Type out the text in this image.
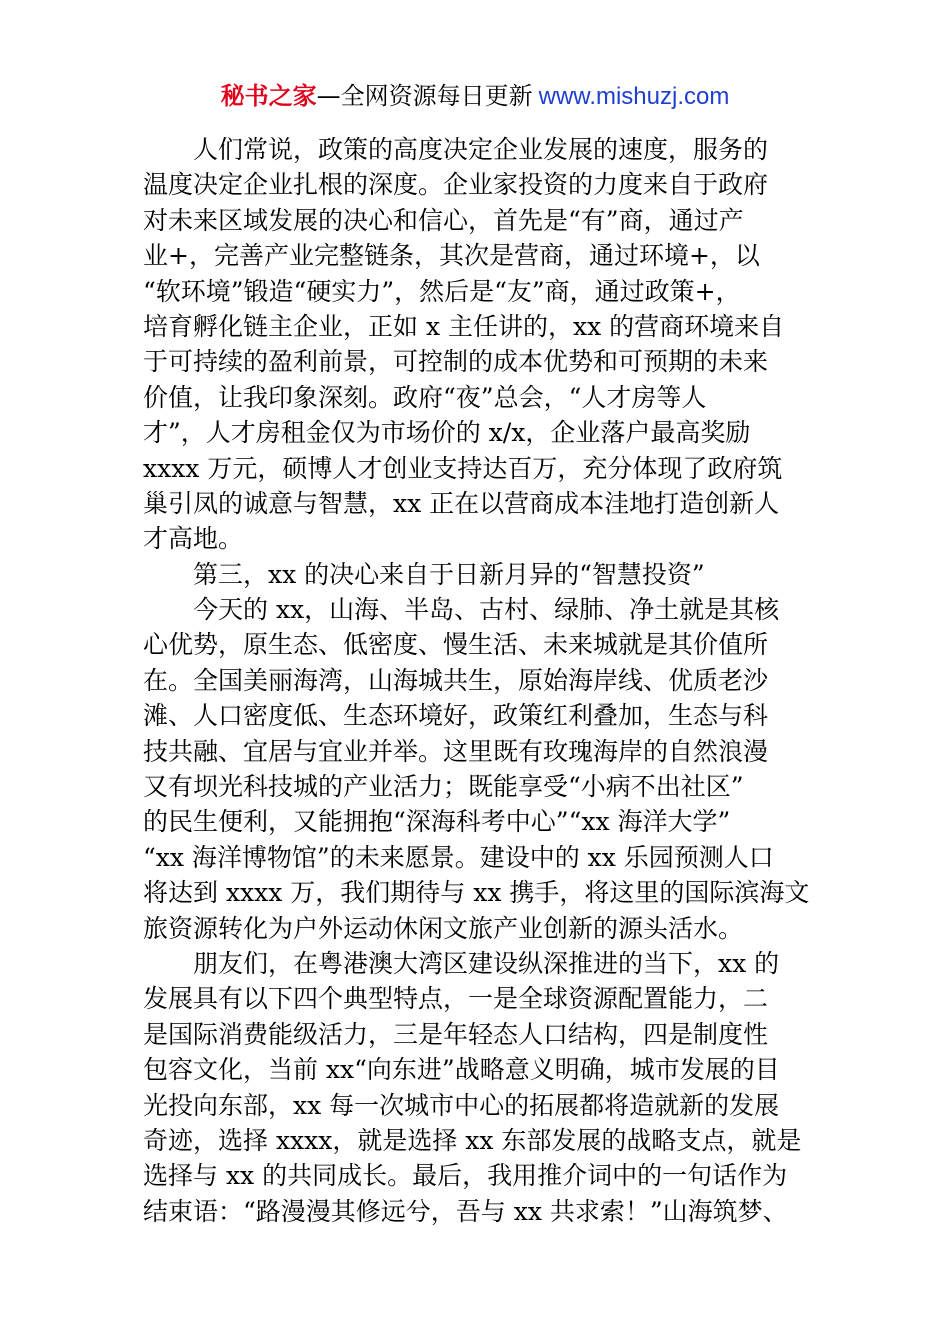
秘书之家—全网资源每日更新 www.mishuzj.com
人们常说，政策的高度决定企业发展的速度，服务的
温度决定企业扎根的深度。企业家投资的力度来自于政府
对未来区域发展的决心和信心，首先是“有”商，通过产
业+，完善产业完整链条，其次是营商，通过环境+，以
“软环境”锻造“硬实力”，然后是“友”商，通过政策+，
培育孵化链主企业，正如 x 主任讲的，xx 的营商环境来自
于可持续的盈利前景，可控制的成本优势和可预期的未来
价值，让我印象深刻。政府“夜”总会，“人才房等人
才”，人才房租金仅为市场价的 x/x，企业落户最高奖励
xxxx 万元，硕博人才创业支持达百万，充分体现了政府筑
巢引凤的诚意与智慧，xx 正在以营商成本洼地打造创新人
才高地。
第三，xx 的决心来自于日新月异的“智慧投资”
今天的 xx，山海、半岛、古村、绿肺、净土就是其核
心优势，原生态、低密度、慢生活、未来城就是其价值所
在。全国美丽海湾，山海城共生，原始海岸线、优质老沙
滩、人口密度低、生态环境好，政策红利叠加，生态与科
技共融、宜居与宜业并举。这里既有玫瑰海岸的自然浪漫
又有坝光科技城的产业活力；既能享受“小病不出社区”
的民生便利，又能拥抱“深海科考中心”“xx 海洋大学”
“xx 海洋博物馆”的未来愿景。建设中的 xx 乐园预测人口
将达到 xxxx 万，我们期待与 xx 携手，将这里的国际滨海文
旅资源转化为户外运动休闲文旅产业创新的源头活水。
朋友们，在粤港澳大湾区建设纵深推进的当下，xx 的
发展具有以下四个典型特点，一是全球资源配置能力，二
是国际消费能级活力，三是年轻态人口结构，四是制度性
包容文化，当前 xx“向东进”战略意义明确，城市发展的目
光投向东部，xx 每一次城市中心的拓展都将造就新的发展
奇迹，选择 xxxx，就是选择 xx 东部发展的战略支点，就是
选择与 xx 的共同成长。最后，我用推介词中的一句话作为
结束语：“路漫漫其修远兮，吾与 xx 共求索！”山海筑梦、
